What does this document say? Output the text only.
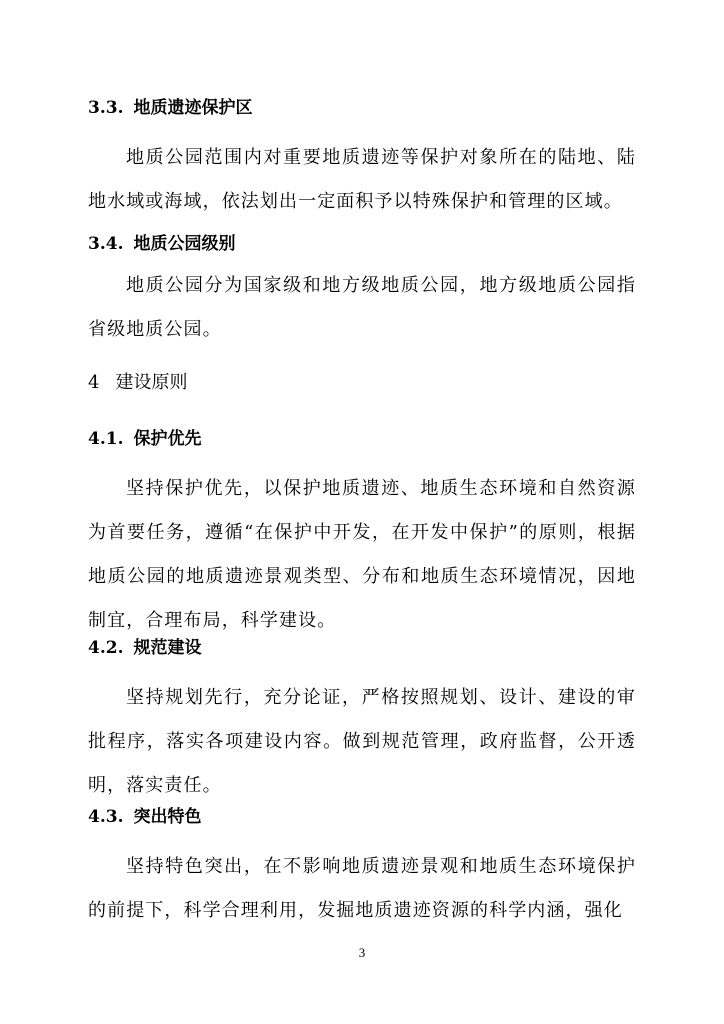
3.3. 地质遗迹保护区

地质公园范围内对重要地质遗迹等保护对象所在的陆地、陆地水域或海域，依法划出一定面积予以特殊保护和管理的区域。

3.4. 地质公园级别

地质公园分为国家级和地方级地质公园，地方级地质公园指省级地质公园。

4 建设原则
4.1. 保护优先

坚持保护优先，以保护地质遗迹、地质生态环境和自然资源为首要任务，遵循“在保护中开发，在开发中保护”的原则，根据地质公园的地质遗迹景观类型、分布和地质生态环境情况，因地制宜，合理布局，科学建设。

4.2. 规范建设

坚持规划先行，充分论证，严格按照规划、设计、建设的审批程序，落实各项建设内容。做到规范管理，政府监督，公开透明，落实责任。

4.3. 突出特色

坚持特色突出，在不影响地质遗迹景观和地质生态环境保护的前提下，科学合理利用，发掘地质遗迹资源的科学内涵，强化

3
